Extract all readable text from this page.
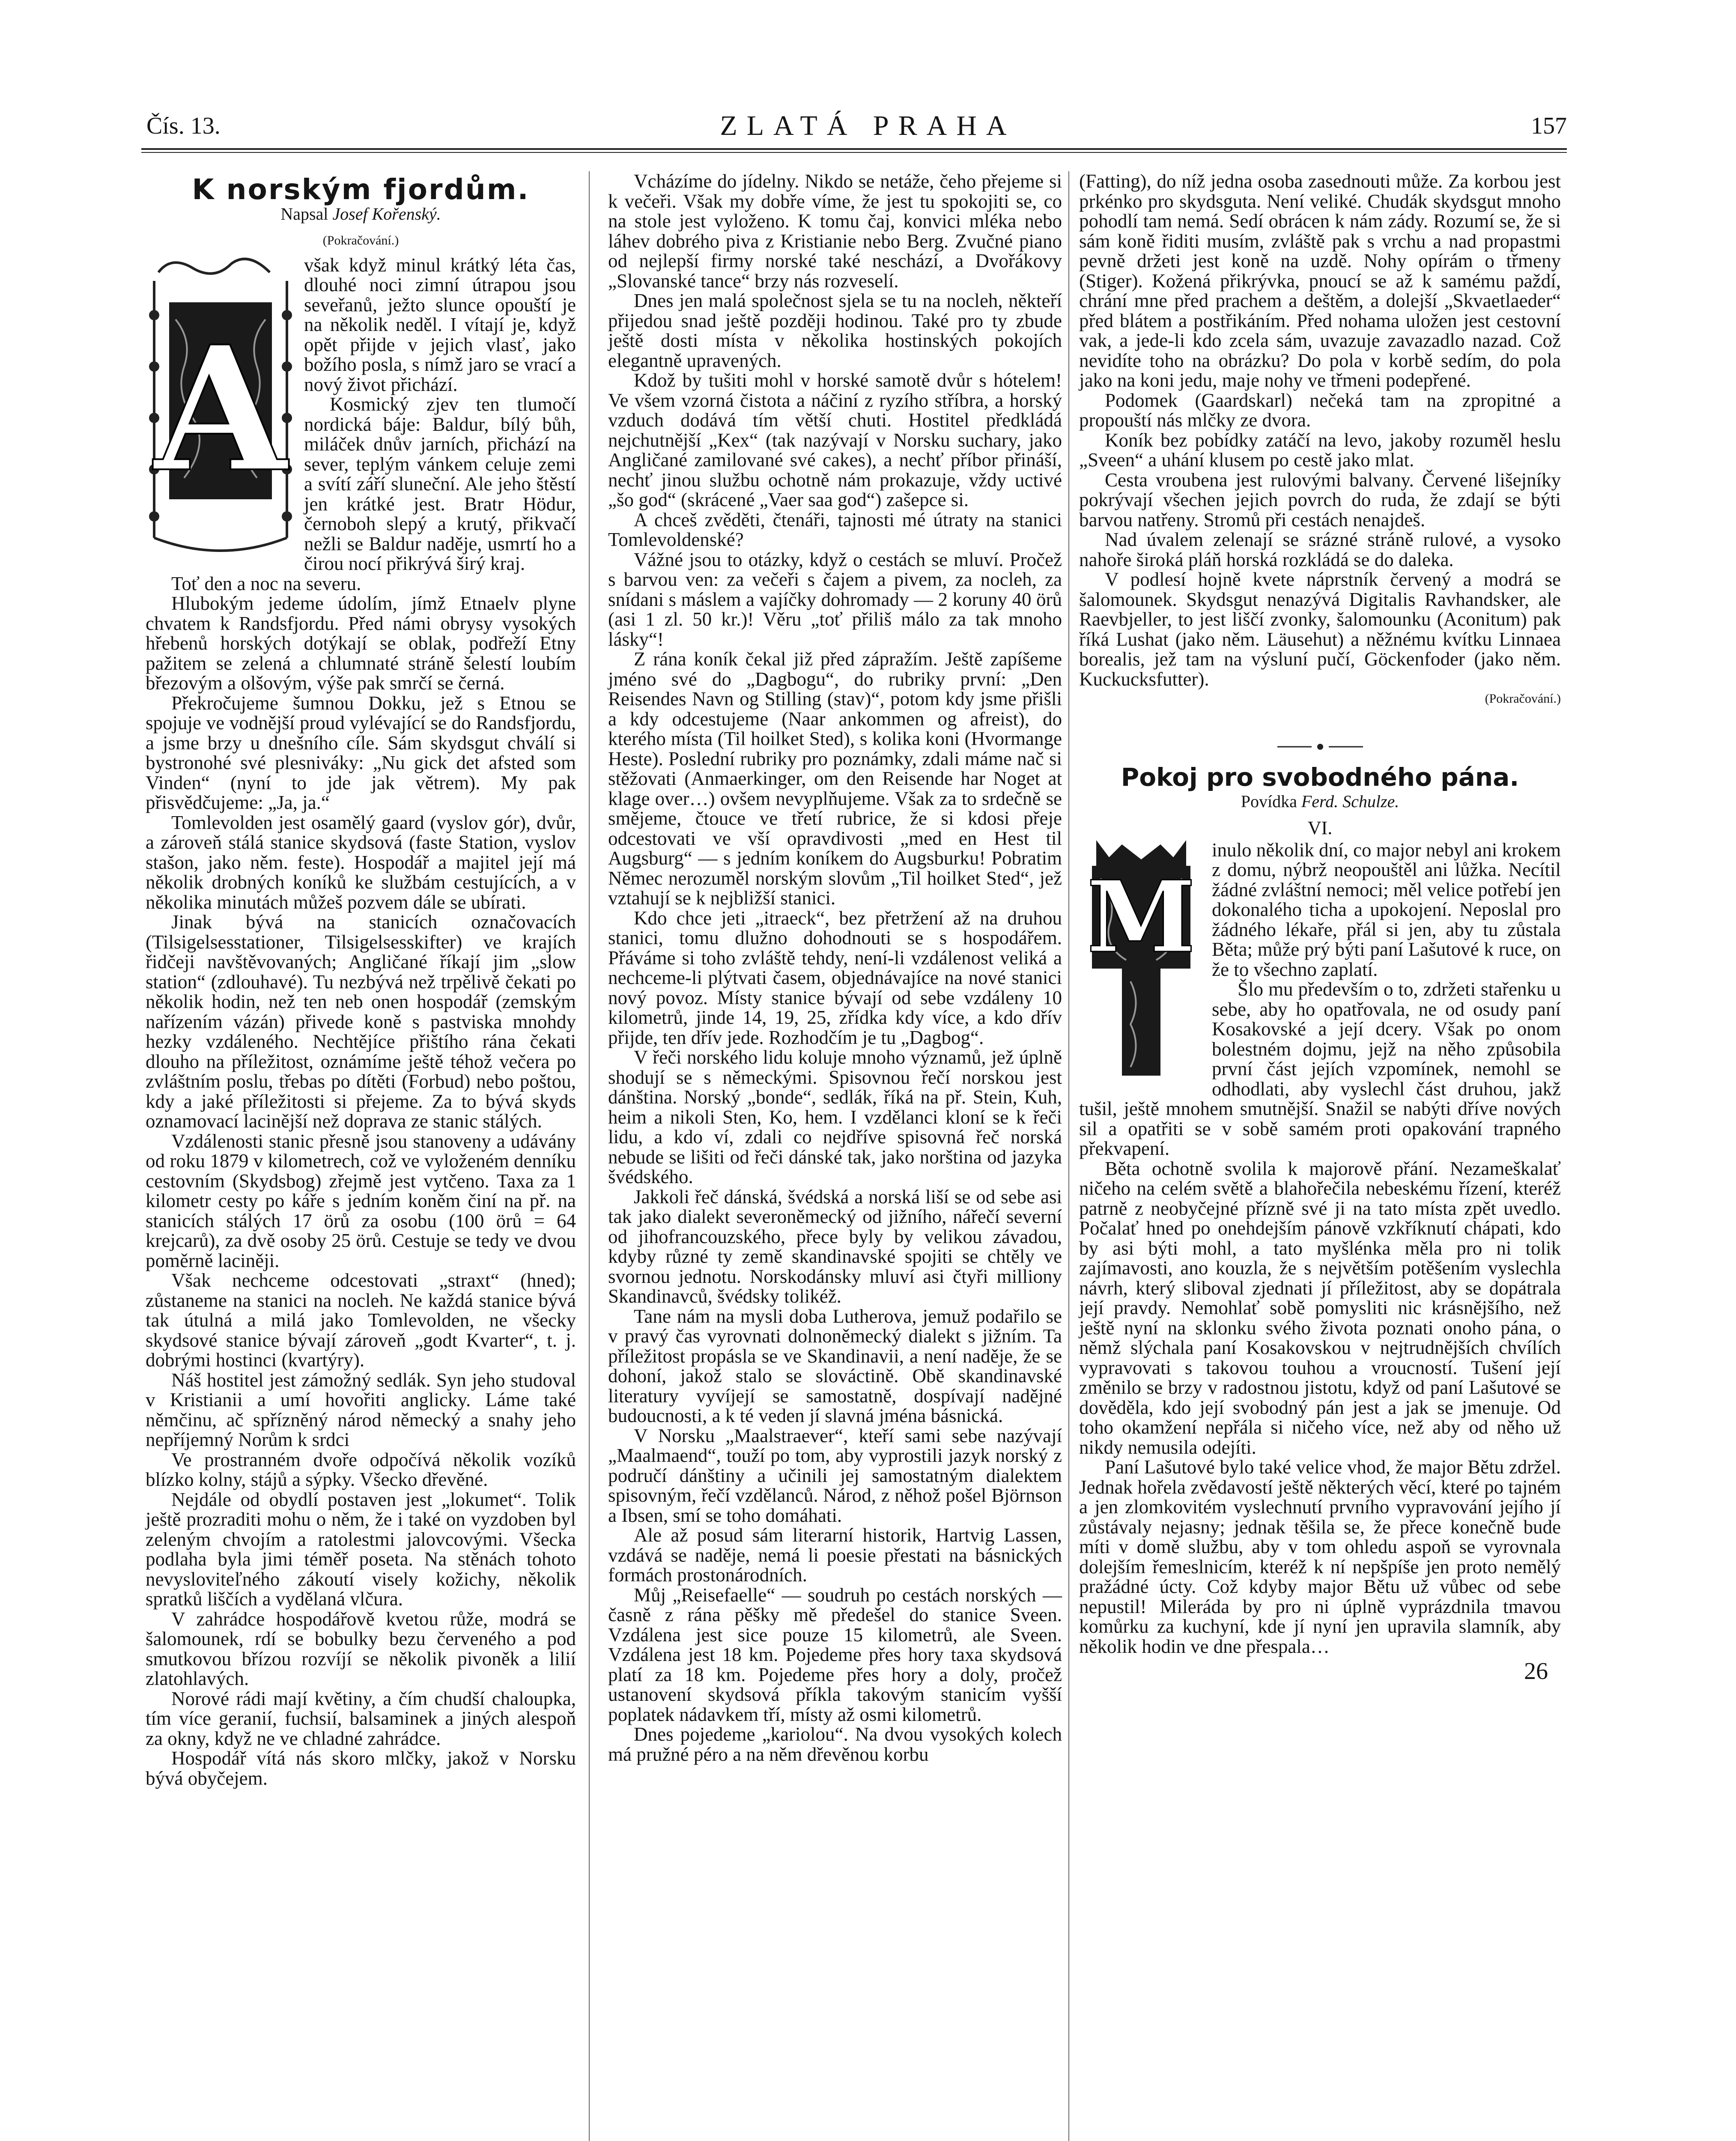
Čís. 13.	ZLATÁ PRAHA	157
K norským fjordům.
Napsal Josef Kořenský.
(Pokračování.)
A

však když minul krátký léta čas, dlouhé noci zimní útrapou jsou seveřanů, ježto slunce opouští je na několik neděl. I vítají je, když opět přijde v jejich vlasť, jako božího posla, s nímž jaro se vrací a nový život přichází.

Kosmický zjev ten tlumočí nordická báje: Baldur, bílý bůh, miláček dnův jarních, přichází na sever, teplým vánkem celuje zemi a svítí září sluneční. Ale jeho štěstí jen krátké jest. Bratr Hödur, černoboh slepý a krutý, přikvačí nežli se Baldur naděje, usmrtí ho a čirou nocí přikrývá širý kraj.

Toť den a noc na severu.

Hlubokým jedeme údolím, jímž Etnaelv plyne chvatem k Randsfjordu. Před námi obrysy vysokých hřebenů horských dotýkají se oblak, podřeží Etny pažitem se zelená a chlumnaté stráně šelestí loubím březovým a olšovým, výše pak smrčí se černá.

Překročujeme šumnou Dokku, jež s Etnou se spojuje ve vodnější proud vylévající se do Randsfjordu, a jsme brzy u dnešního cíle. Sám skydsgut chválí si bystronohé své plesniváky: „Nu gick det afsted som Vinden“ (nyní to jde jak větrem). My pak přisvědčujeme: „Ja, ja.“

Tomlevolden jest osamělý gaard (vyslov gór), dvůr, a zároveň stálá stanice skydsová (faste Station, vyslov stašon, jako něm. feste). Hospodář a majitel její má několik drobných koníků ke službám cestujících, a v několika minutách můžeš pozvem dále se ubírati.

Jinak bývá na stanicích označovacích (Tilsigelsesstationer, Tilsigelsesskifter) ve krajích řidčeji navštěvovaných; Angličané říkají jim „slow station“ (zdlouhavé). Tu nezbývá než trpělivě čekati po několik hodin, než ten neb onen hospodář (zemským nařízením vázán) přivede koně s pastviska mnohdy hezky vzdáleného. Nechtějíce přištího rána čekati dlouho na příležitost, oznámíme ještě téhož večera po zvláštním poslu, třebas po dítěti (Forbud) nebo poštou, kdy a jaké příležitosti si přejeme. Za to bývá skyds oznamovací lacinější než doprava ze stanic stálých.

Vzdálenosti stanic přesně jsou stanoveny a udávány od roku 1879 v kilometrech, což ve vyloženém denníku cestovním (Skydsbog) zřejmě jest vytčeno. Taxa za 1 kilometr cesty po káře s jedním koněm činí na př. na stanicích stálých 17 örů za osobu (100 örů = 64 krejcarů), za dvě osoby 25 örů. Cestuje se tedy ve dvou poměrně laciněji.

Však nechceme odcestovati „straxt“ (hned); zůstaneme na stanici na nocleh. Ne každá stanice bývá tak útulná a milá jako Tomlevolden, ne všecky skydsové stanice bývají zároveň „godt Kvarter“, t. j. dobrými hostinci (kvartýry).

Náš hostitel jest zámožný sedlák. Syn jeho studoval v Kristianii a umí hovořiti anglicky. Láme také němčinu, ač spřízněný národ německý a snahy jeho nepříjemný Norům k srdci

Ve prostranném dvoře odpočívá několik vozíků blízko kolny, stájů a sýpky. Všecko dřevěné.

Nejdále od obydlí postaven jest „lokumet“. Tolik ještě prozraditi mohu o něm, že i také on vyzdoben byl zeleným chvojím a ratolestmi jalovcovými. Všecka podlaha byla jimi téměř poseta. Na stěnách tohoto nevysloviteľného zákoutí visely kožichy, několik spratků liščích a vydělaná vlčura.

V zahrádce hospodářově kvetou růže, modrá se šalomounek, rdí se bobulky bezu červeného a pod smutkovou břízou rozvíjí se několik pivoněk a lilií zlatohlavých.

Norové rádi mají květiny, a čím chudší chaloupka, tím více geranií, fuchsií, balsaminek a jiných alespoň za okny, když ne ve chladné zahrádce.

Hospodář vítá nás skoro mlčky, jakož v Norsku bývá obyčejem.

Vcházíme do jídelny. Nikdo se netáže, čeho přejeme si k večeři. Však my dobře víme, že jest tu spokojiti se, co na stole jest vyloženo. K tomu čaj, konvici mléka nebo láhev dobrého piva z Kristianie nebo Berg. Zvučné piano od nejlepší firmy norské také neschází, a Dvořákovy „Slovanské tance“ brzy nás rozveselí.

Dnes jen malá společnost sjela se tu na nocleh, někteří přijedou snad ještě později hodinou. Také pro ty zbude ještě dosti místa v několika hostinských pokojích elegantně upravených.

Kdož by tušiti mohl v horské samotě dvůr s hótelem! Ve všem vzorná čistota a náčiní z ryzího stříbra, a horský vzduch dodává tím větší chuti. Hostitel předkládá nejchutnější „Kex“ (tak nazývají v Norsku suchary, jako Angličané zamilované své cakes), a nechť příbor přináší, nechť jinou službu ochotně nám prokazuje, vždy uctivé „šo god“ (skrácené „Vaer saa god“) zašepce si.

A chceš zvěděti, čtenáři, tajnosti mé útraty na stanici Tomlevoldenské?

Vážné jsou to otázky, když o cestách se mluví. Pročež s barvou ven: za večeři s čajem a pivem, za nocleh, za snídani s máslem a vajíčky dohromady — 2 koruny 40 örů (asi 1 zl. 50 kr.)! Věru „toť přiliš málo za tak mnoho lásky“!

Z rána koník čekal již před zápražím. Ještě zapíšeme jméno své do „Dagbogu“, do rubriky první: „Den Reisendes Navn og Stilling (stav)“, potom kdy jsme přišli a kdy odcestujeme (Naar ankommen og afreist), do kterého místa (Til hoilket Sted), s kolika koni (Hvormange Heste). Poslední rubriky pro poznámky, zdali máme nač si stěžovati (Anmaerkinger, om den Reisende har Noget at klage over…) ovšem nevyplňujeme. Však za to srdečně se smějeme, čtouce ve třetí rubrice, že si kdosi přeje odcestovati ve vší opravdivosti „med en Hest til Augsburg“ — s jedním koníkem do Augsburku! Pobratim Němec nerozuměl norským slovům „Til hoilket Sted“, jež vztahují se k nejbližší stanici.

Kdo chce jeti „itraeck“, bez přetržení až na druhou stanici, tomu dlužno dohodnouti se s hospodářem. Přáváme si toho zvláště tehdy, není-li vzdálenost veliká a nechceme-li plýtvati časem, objednávajíce na nové stanici nový povoz. Místy stanice bývají od sebe vzdáleny 10 kilometrů, jinde 14, 19, 25, zřídka kdy více, a kdo dřív přijde, ten dřív jede. Rozhodčím je tu „Dagbog“.

V řeči norského lidu koluje mnoho významů, jež úplně shodují se s německými. Spisovnou řečí norskou jest dánština. Norský „bonde“, sedlák, říká na př. Stein, Kuh, heim a nikoli Sten, Ko, hem. I vzdělanci kloní se k řeči lidu, a kdo ví, zdali co nejdříve spisovná řeč norská nebude se lišiti od řeči dánské tak, jako norština od jazyka švédského.

Jakkoli řeč dánská, švédská a norská liší se od sebe asi tak jako dialekt severoněmecký od jižního, nářečí severní od jihofrancouzského, přece byly by velikou závadou, kdyby různé ty země skandinavské spojiti se chtěly ve svornou jednotu. Norskodánsky mluví asi čtyři milliony Skandinavců, švédsky tolikéž.

Tane nám na mysli doba Lutherova, jemuž podařilo se v pravý čas vyrovnati dolnoněmecký dialekt s jižním. Ta příležitost propásla se ve Skandinavii, a není naděje, že se dohoní, jakož stalo se slováctině. Obě skandinavské literatury vyvíjejí se samostatně, dospívají nadějné budoucnosti, a k té veden jí slavná jména básnická.

V Norsku „Maalstraever“, kteří sami sebe nazývají „Maalmaend“, touží po tom, aby vyprostili jazyk norský z područí dánštiny a učinili jej samostatným dialektem spisovným, řečí vzdělanců. Národ, z něhož pošel Björnson a Ibsen, smí se toho domáhati.

Ale až posud sám literarní historik, Hartvig Lassen, vzdává se naděje, nemá li poesie přestati na básnických formách prostonárodních.

Můj „Reisefaelle“ — soudruh po cestách norských — časně z rána pěšky mě předešel do stanice Sveen. Vzdálena jest sice pouze 15 kilometrů, ale Sveen. Vzdálena jest 18 km. Pojedeme přes hory taxa skydsová platí za 18 km. Pojedeme přes hory a doly, pročež ustanovení skydsová příkla takovým stanicím vyšší poplatek nádavkem tří, místy až osmi kilometrů.

Dnes pojedeme „kariolou“. Na dvou vysokých kolech má pružné péro a na něm dřevěnou korbu

(Fatting), do níž jedna osoba zasednouti může. Za korbou jest prkénko pro skydsguta. Není veliké. Chudák skydsgut mnoho pohodlí tam nemá. Sedí obrácen k nám zády. Rozumí se, že si sám koně řiditi musím, zvláště pak s vrchu a nad propastmi pevně držeti jest koně na uzdě. Nohy opírám o třmeny (Stiger). Kožená přikrývka, pnoucí se až k samému paždí, chrání mne před prachem a deštěm, a dolejší „Skvaetlaeder“ před blátem a postřikáním. Před nohama uložen jest cestovní vak, a jede-li kdo zcela sám, uvazuje zavazadlo nazad. Což nevidíte toho na obrázku? Do pola v korbě sedím, do pola jako na koni jedu, maje nohy ve třmeni podepřené.

Podomek (Gaardskarl) nečeká tam na zpropitné a propouští nás mlčky ze dvora.

Koník bez pobídky zatáčí na levo, jakoby rozuměl heslu „Sveen“ a uhání klusem po cestě jako mlat.

Cesta vroubena jest rulovými balvany. Červené lišejníky pokrývají všechen jejich povrch do ruda, že zdají se býti barvou natřeny. Stromů při cestách nenajdeš.

Nad úvalem zelenají se srázné stráně rulové, a vysoko nahoře široká pláň horská rozkládá se do daleka.

V podlesí hojně kvete náprstník červený a modrá se šalomounek. Skydsgut nenazývá Digitalis Ravhandsker, ale Raevbjeller, to jest liščí zvonky, šalomounku (Aconitum) pak říká Lushat (jako něm. Läusehut) a něžnému kvítku Linnaea borealis, jež tam na výsluní pučí, Göckenfoder (jako něm. Kuckucksfutter).

(Pokračování.)
Pokoj pro svobodného pána.
Povídka Ferd. Schulze.
VI.
M

inulo několik dní, co major nebyl ani krokem z domu, nýbrž neopouštěl ani lůžka. Necítil žádné zvláštní nemoci; měl velice potřebí jen dokonalého ticha a upokojení. Neposlal pro žádného lékaře, přál si jen, aby tu zůstala Běta; může prý býti paní Lašutové k ruce, on že to všechno zaplatí.

Šlo mu především o to, zdržeti stařenku u sebe, aby ho opatřovala, ne od osudy paní Kosakovské a její dcery. Však po onom bolestném dojmu, jejž na něho způsobila první část jejích vzpomínek, nemohl se odhodlati, aby vyslechl část druhou, jakž tušil, ještě mnohem smutnější. Snažil se nabýti dříve nových sil a opatřiti se v sobě samém proti opakování trapného překvapení.

Běta ochotně svolila k majorově přání. Nezameškalať ničeho na celém světě a blahořečila nebeskému řízení, kteréž patrně z neobyčejné přízně své ji na tato místa zpět uvedlo. Počalať hned po onehdejším pánově vzkříknutí chápati, kdo by asi býti mohl, a tato myšlénka měla pro ni tolik zajímavosti, ano kouzla, že s největším potěšením vyslechla návrh, který sliboval zjednati jí příležitost, aby se dopátrala její pravdy. Nemohlať sobě pomysliti nic krásnějšího, než ještě nyní na sklonku svého života poznati onoho pána, o němž slýchala paní Kosakovskou v nejtrudnějších chvílích vypravovati s takovou touhou a vroucností. Tušení její změnilo se brzy v radostnou jistotu, když od paní Lašutové se dověděla, kdo její svobodný pán jest a jak se jmenuje. Od toho okamžení nepřála si ničeho více, než aby od něho už nikdy nemusila odejíti.

Paní Lašutové bylo také velice vhod, že major Bětu zdržel. Jednak hořela zvědavostí ještě některých věcí, které po tajném a jen zlomkovitém vyslechnutí prvního vypravování jejího jí zůstávaly nejasny; jednak těšila se, že přece konečně bude míti v domě službu, aby v tom ohledu aspoň se vyrovnala dolejším řemeslnicím, kteréž k ní nepšpíše jen proto nemělý pražádné úcty. Což kdyby major Bětu už vůbec od sebe nepustil! Milerádа by pro ni úplně vyprázdnila tmavou komůrku za kuchyní, kde jí nyní jen upravila slamník, aby několik hodin ve dne přespala…

26
